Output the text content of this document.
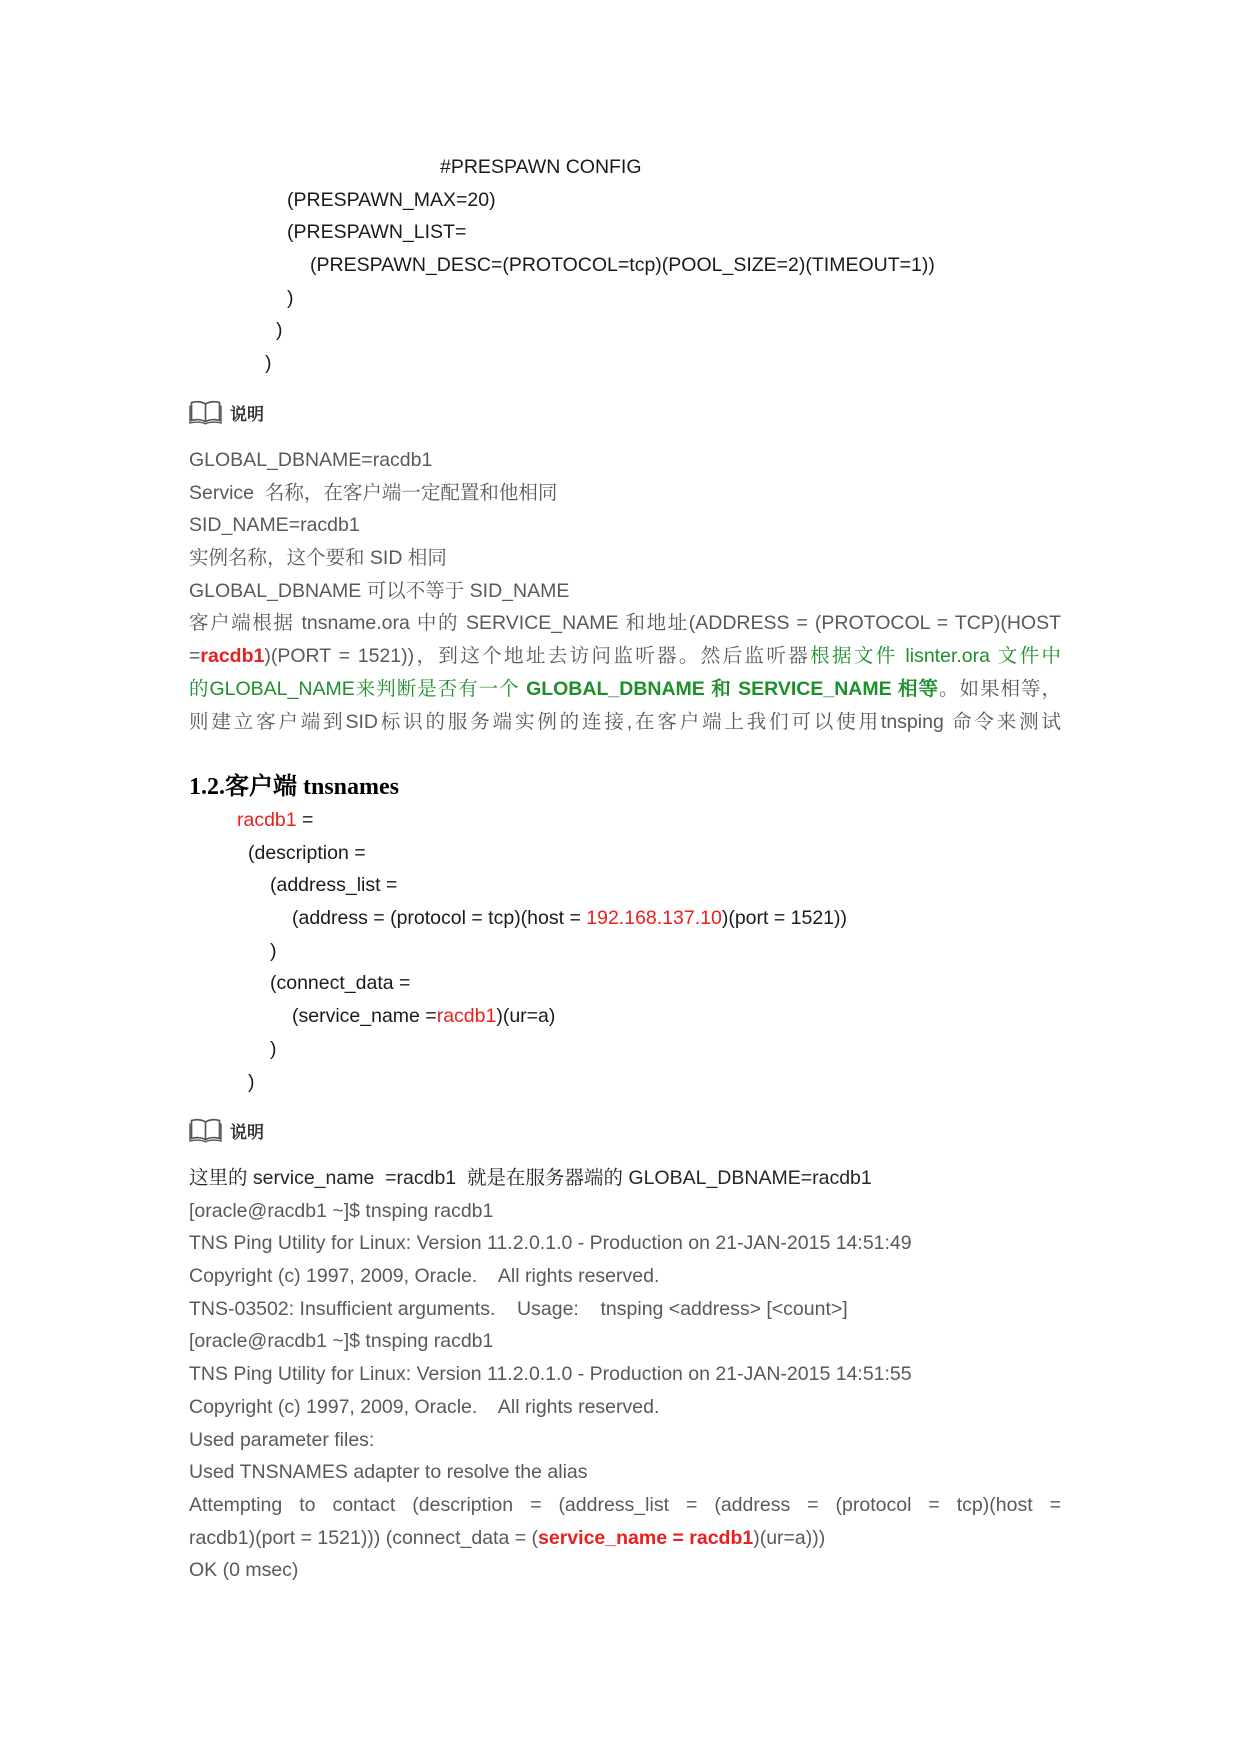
#PRESPAWN CONFIG
(PRESPAWN_MAX=20)
(PRESPAWN_LIST=
(PRESPAWN_DESC=(PROTOCOL=tcp)(POOL_SIZE=2)(TIMEOUT=1))
)
)
)
说明
GLOBAL_DBNAME=racdb1
Service  名称，在客户端一定配置和他相同
SID_NAME=racdb1
实例名称，这个要和 SID 相同
GLOBAL_DBNAME 可以不等于 SID_NAME
客户端根据 tnsname.ora 中的 SERVICE_NAME 和地址(ADDRESS = (PROTOCOL = TCP)(HOST
=racdb1)(PORT = 1521))，到这个地址去访问监听器。然后监听器根据文件 lisnter.ora 文件中
的GLOBAL_NAME来判断是否有一个 GLOBAL_DBNAME 和 SERVICE_NAME 相等。如果相等，
则建立客户端到SID标识的服务端实例的连接,在客户端上我们可以使用tnsping 命令来测试
1.2.客户端 tnsnames
racdb1 =
(description =
(address_list =
(address = (protocol = tcp)(host = 192.168.137.10)(port = 1521))
)
(connect_data =
(service_name =racdb1)(ur=a)
)
)
说明
这里的 service_name  =racdb1  就是在服务器端的 GLOBAL_DBNAME=racdb1
[oracle@racdb1 ~]$ tnsping racdb1
TNS Ping Utility for Linux: Version 11.2.0.1.0 - Production on 21-JAN-2015 14:51:49
Copyright (c) 1997, 2009, Oracle.    All rights reserved.
TNS-03502: Insufficient arguments.    Usage:    tnsping <address> [<count>]
[oracle@racdb1 ~]$ tnsping racdb1
TNS Ping Utility for Linux: Version 11.2.0.1.0 - Production on 21-JAN-2015 14:51:55
Copyright (c) 1997, 2009, Oracle.    All rights reserved.
Used parameter files:
Used TNSNAMES adapter to resolve the alias
Attempting to contact (description = (address_list = (address = (protocol = tcp)(host =
racdb1)(port = 1521))) (connect_data = (service_name = racdb1)(ur=a)))
OK (0 msec)
